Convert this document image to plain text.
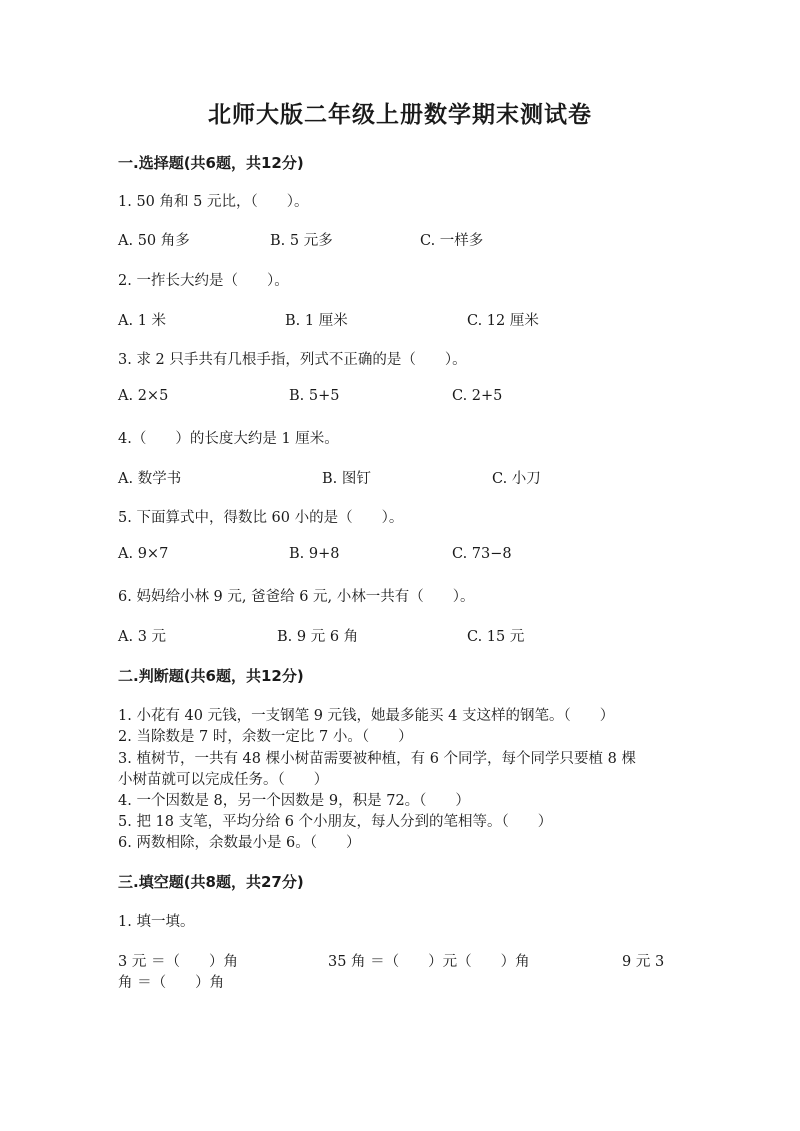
北师大版二年级上册数学期末测试卷
一.选择题(共6题，共12分)
1. 50 角和 5 元比，（　　）。
A. 50 角多	B. 5 元多	C. 一样多
2. 一拃长大约是（　　）。
A. 1 米	B. 1 厘米	C. 12 厘米
3. 求 2 只手共有几根手指，列式不正确的是（　　）。
A. 2×5	B. 5+5	C. 2+5
4.（　　）的长度大约是 1 厘米。
A. 数学书	B. 图钉	C. 小刀
5. 下面算式中，得数比 60 小的是（　　）。
A. 9×7	B. 9+8	C. 73−8
6. 妈妈给小林 9 元, 爸爸给 6 元, 小林一共有（　　）。
A. 3 元	B. 9 元 6 角	C. 15 元
二.判断题(共6题，共12分)
1. 小花有 40 元钱，一支钢笔 9 元钱，她最多能买 4 支这样的钢笔。（　　）
2. 当除数是 7 时，余数一定比 7 小。（　　）
3. 植树节，一共有 48 棵小树苗需要被种植，有 6 个同学，每个同学只要植 8 棵
小树苗就可以完成任务。（　　）
4. 一个因数是 8，另一个因数是 9，积是 72。（　　）
5. 把 18 支笔，平均分给 6 个小朋友，每人分到的笔相等。（　　）
6. 两数相除，余数最小是 6。（　　）
三.填空题(共8题，共27分)
1. 填一填。
3 元 ＝（　　）角	35 角 ＝（　　）元（　　）角	9 元 3
角 ＝（　　）角
